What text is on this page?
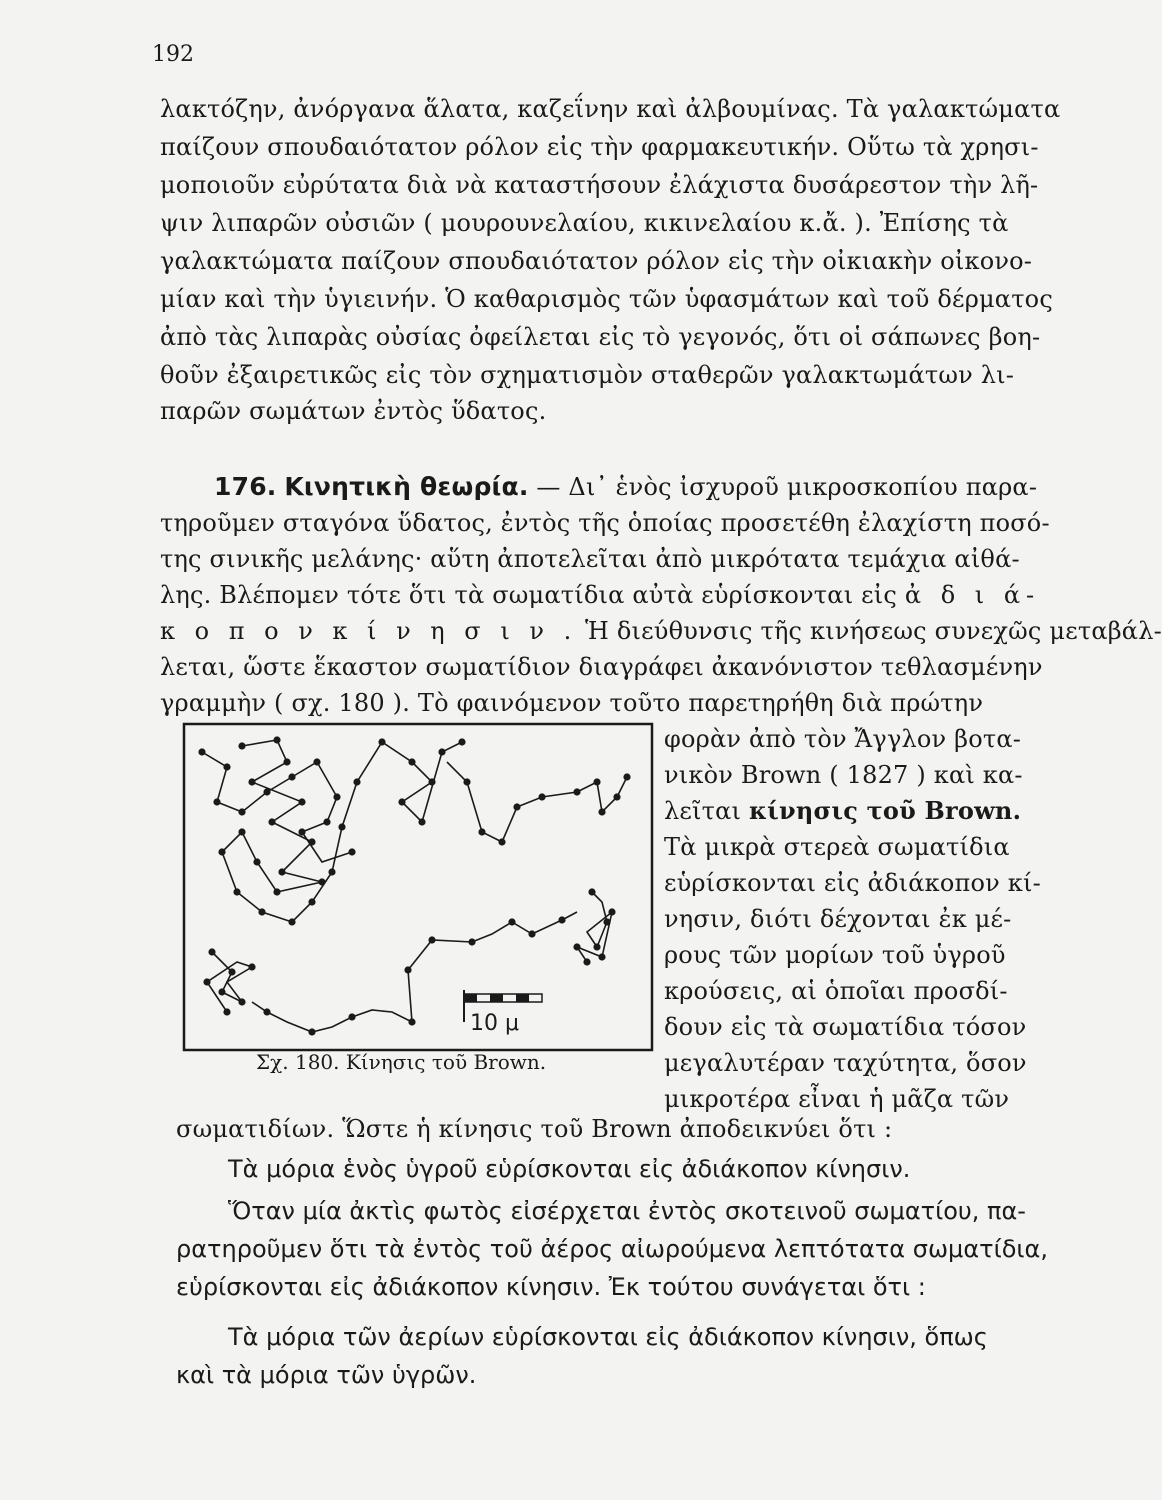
192
λακτόζην, ἀνόργανα ἅλατα, καζεΐνην καὶ ἀλβουμίνας. Τὰ γαλακτώματα
παίζουν σπουδαιότατον ρόλον εἰς τὴν φαρμακευτικήν. Οὕτω τὰ χρησι-
μοποιοῦν εὐρύτατα διὰ νὰ καταστήσουν ἐλάχιστα δυσάρεστον τὴν λῆ-
ψιν λιπαρῶν οὐσιῶν ( μουρουνελαίου, κικινελαίου κ.ἄ. ). Ἐπίσης τὰ
γαλακτώματα παίζουν σπουδαιότατον ρόλον εἰς τὴν οἰκιακὴν οἰκονο-
μίαν καὶ τὴν ὑγιεινήν. Ὁ καθαρισμὸς τῶν ὑφασμάτων καὶ τοῦ δέρματος
ἀπὸ τὰς λιπαρὰς οὐσίας ὀφείλεται εἰς τὸ γεγονός, ὅτι οἱ σάπωνες βοη-
θοῦν ἐξαιρετικῶς εἰς τὸν σχηματισμὸν σταθερῶν γαλακτωμάτων λι-
παρῶν σωμάτων ἐντὸς ὕδατος.
176. Κινητικὴ θεωρία. — Δι᾽ ἑνὸς ἰσχυροῦ μικροσκοπίου παρα-
τηροῦμεν σταγόνα ὕδατος, ἐντὸς τῆς ὁποίας προσετέθη ἐλαχίστη ποσό-
της σινικῆς μελάνης· αὕτη ἀποτελεῖται ἀπὸ μικρότατα τεμάχια αἰθά-
λης. Βλέπομεν τότε ὅτι τὰ σωματίδια αὐτὰ εὑρίσκονται εἰς ἀ δ ι ά-
κ ο π ο ν κ ί ν η σ ι ν . Ἡ διεύθυνσις τῆς κινήσεως συνεχῶς μεταβάλ-
λεται, ὥστε ἕκαστον σωματίδιον διαγράφει ἀκανόνιστον τεθλασμένην
γραμμὴν ( σχ. 180 ). Τὸ φαινόμενον τοῦτο παρετηρήθη διὰ πρώτην
10 μ
Σχ. 180. Κίνησις τοῦ Brown.
φορὰν ἀπὸ τὸν Ἄγγλον βοτα-
νικὸν Brown ( 1827 ) καὶ κα-
λεῖται κίνησις τοῦ Brown.
Τὰ μικρὰ στερεὰ σωματίδια
εὑρίσκονται εἰς ἀδιάκοπον κί-
νησιν, διότι δέχονται ἐκ μέ-
ρους τῶν μορίων τοῦ ὑγροῦ
κρούσεις, αἱ ὁποῖαι προσδί-
δουν εἰς τὰ σωματίδια τόσον
μεγαλυτέραν ταχύτητα, ὅσον
μικροτέρα εἶναι ἡ μᾶζα τῶν
σωματιδίων. Ὥστε ἡ κίνησις τοῦ Brown ἀποδεικνύει ὅτι :
Τὰ μόρια ἑνὸς ὑγροῦ εὑρίσκονται εἰς ἀδιάκοπον κίνησιν.
Ὅταν μία ἀκτὶς φωτὸς εἰσέρχεται ἐντὸς σκοτεινοῦ σωματίου, πα-
ρατηροῦμεν ὅτι τὰ ἐντὸς τοῦ ἀέρος αἰωρούμενα λεπτότατα σωματίδια,
εὑρίσκονται εἰς ἀδιάκοπον κίνησιν. Ἐκ τούτου συνάγεται ὅτι :
Τὰ μόρια τῶν ἀερίων εὑρίσκονται εἰς ἀδιάκοπον κίνησιν, ὅπως
καὶ τὰ μόρια τῶν ὑγρῶν.
